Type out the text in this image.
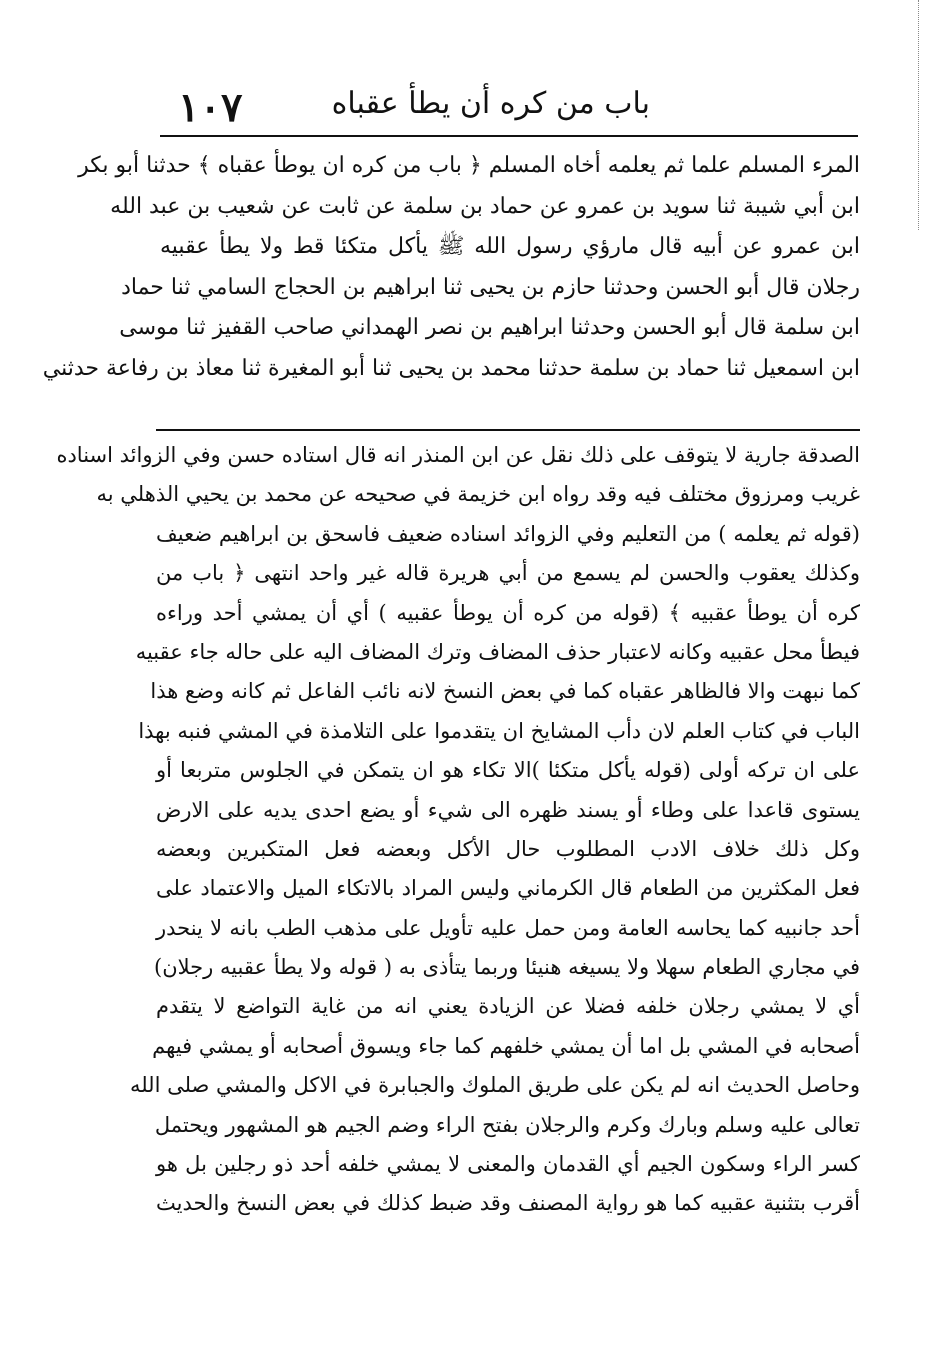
١٠٧	باب من كره أن يطأ عقباه
المرء المسلم علما ثم يعلمه أخاه المسلم ﴿ باب من كره ان يوطأ عقباه ﴾ حدثنا أبو بكر
ابن أبي شيبة ثنا سويد بن عمرو عن حماد بن سلمة عن ثابت عن شعيب بن عبد الله
ابن عمرو عن أبيه قال مارؤي رسول الله ﷺ يأكل متكئا قط ولا يطأ عقبيه
رجلان قال أبو الحسن وحدثنا حازم بن يحيى ثنا ابراهيم بن الحجاج السامي ثنا حماد
ابن سلمة قال أبو الحسن وحدثنا ابراهيم بن نصر الهمداني صاحب القفيز ثنا موسى
ابن اسمعيل ثنا حماد بن سلمة حدثنا محمد بن يحيى ثنا أبو المغيرة ثنا معاذ بن رفاعة حدثني
الصدقة جارية لا يتوقف على ذلك نقل عن ابن المنذر انه قال استاده حسن وفي الزوائد اسناده
غريب ومرزوق مختلف فيه وقد رواه ابن خزيمة في صحيحه عن محمد بن يحيي الذهلي به
(قوله ثم يعلمه ) من التعليم وفي الزوائد اسناده ضعيف فاسحق بن ابراهيم ضعيف
وكذلك يعقوب والحسن لم يسمع من أبي هريرة قاله غير واحد انتهى ﴿ باب من
كره أن يوطأ عقبيه ﴾ (قوله من كره أن يوطأ عقبيه ) أي أن يمشي أحد وراءه
فيطأ محل عقبيه وكانه لاعتبار حذف المضاف وترك المضاف اليه على حاله جاء عقبيه
كما نبهت والا فالظاهر عقباه كما في بعض النسخ لانه نائب الفاعل ثم كانه وضع هذا
الباب في كتاب العلم لان دأب المشايخ ان يتقدموا على التلامذة في المشي فنبه بهذا
على ان تركه أولى (قوله يأكل متكئا )الا تكاء هو ان يتمكن في الجلوس متربعا أو
يستوى قاعدا على وطاء أو يسند ظهره الى شيء أو يضع احدى يديه على الارض
وكل ذلك خلاف الادب المطلوب حال الأكل وبعضه فعل المتكبرين وبعضه
فعل المكثرين من الطعام قال الكرماني وليس المراد بالاتكاء الميل والاعتماد على
أحد جانبيه كما يحاسه العامة ومن حمل عليه تأويل على مذهب الطب بانه لا ينحدر
في مجاري الطعام سهلا ولا يسيغه هنيئا وربما يتأذى به ( قوله ولا يطأ عقبيه رجلان)
أي لا يمشي رجلان خلفه فضلا عن الزيادة يعني انه من غاية التواضع لا يتقدم
أصحابه في المشي بل اما أن يمشي خلفهم كما جاء ويسوق أصحابه أو يمشي فيهم
وحاصل الحديث انه لم يكن على طريق الملوك والجبابرة في الاكل والمشي صلى الله
تعالى عليه وسلم وبارك وكرم والرجلان بفتح الراء وضم الجيم هو المشهور ويحتمل
كسر الراء وسكون الجيم أي القدمان والمعنى لا يمشي خلفه أحد ذو رجلين بل هو
أقرب بتثنية عقبيه كما هو رواية المصنف وقد ضبط كذلك في بعض النسخ والحديث
